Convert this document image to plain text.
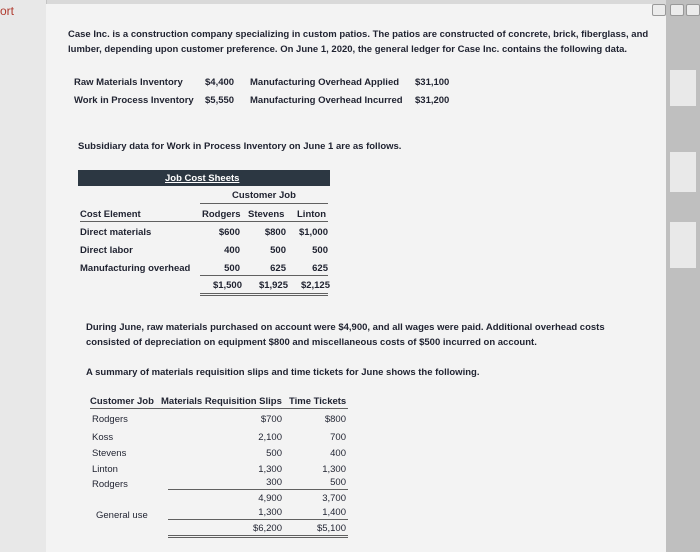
ort
Case Inc. is a construction company specializing in custom patios. The patios are constructed of concrete, brick, fiberglass, and lumber, depending upon customer preference. On June 1, 2020, the general ledger for Case Inc. contains the following data.
Raw Materials Inventory $4,400 Manufacturing Overhead Applied $31,100
Work in Process Inventory $5,550 Manufacturing Overhead Incurred $31,200
Subsidiary data for Work in Process Inventory on June 1 are as follows.
Job Cost Sheets
Customer Job
Cost Element	Rodgers Stevens Linton
Direct materials	$600	$800	$1,000
Direct labor	400	500	500
Manufacturing overhead	500	625	625
$1,500	$1,925	$2,125
During June, raw materials purchased on account were $4,900, and all wages were paid. Additional overhead costs consisted of depreciation on equipment $800 and miscellaneous costs of $500 incurred on account.
A summary of materials requisition slips and time tickets for June shows the following.
Customer Job Materials Requisition Slips Time Tickets
Rodgers	$700	$800
Koss	2,100	700
Stevens	500	400
Linton	1,300	1,300
Rodgers	300	500
4,900	3,700
General use	1,300	1,400
$6,200	$5,100
